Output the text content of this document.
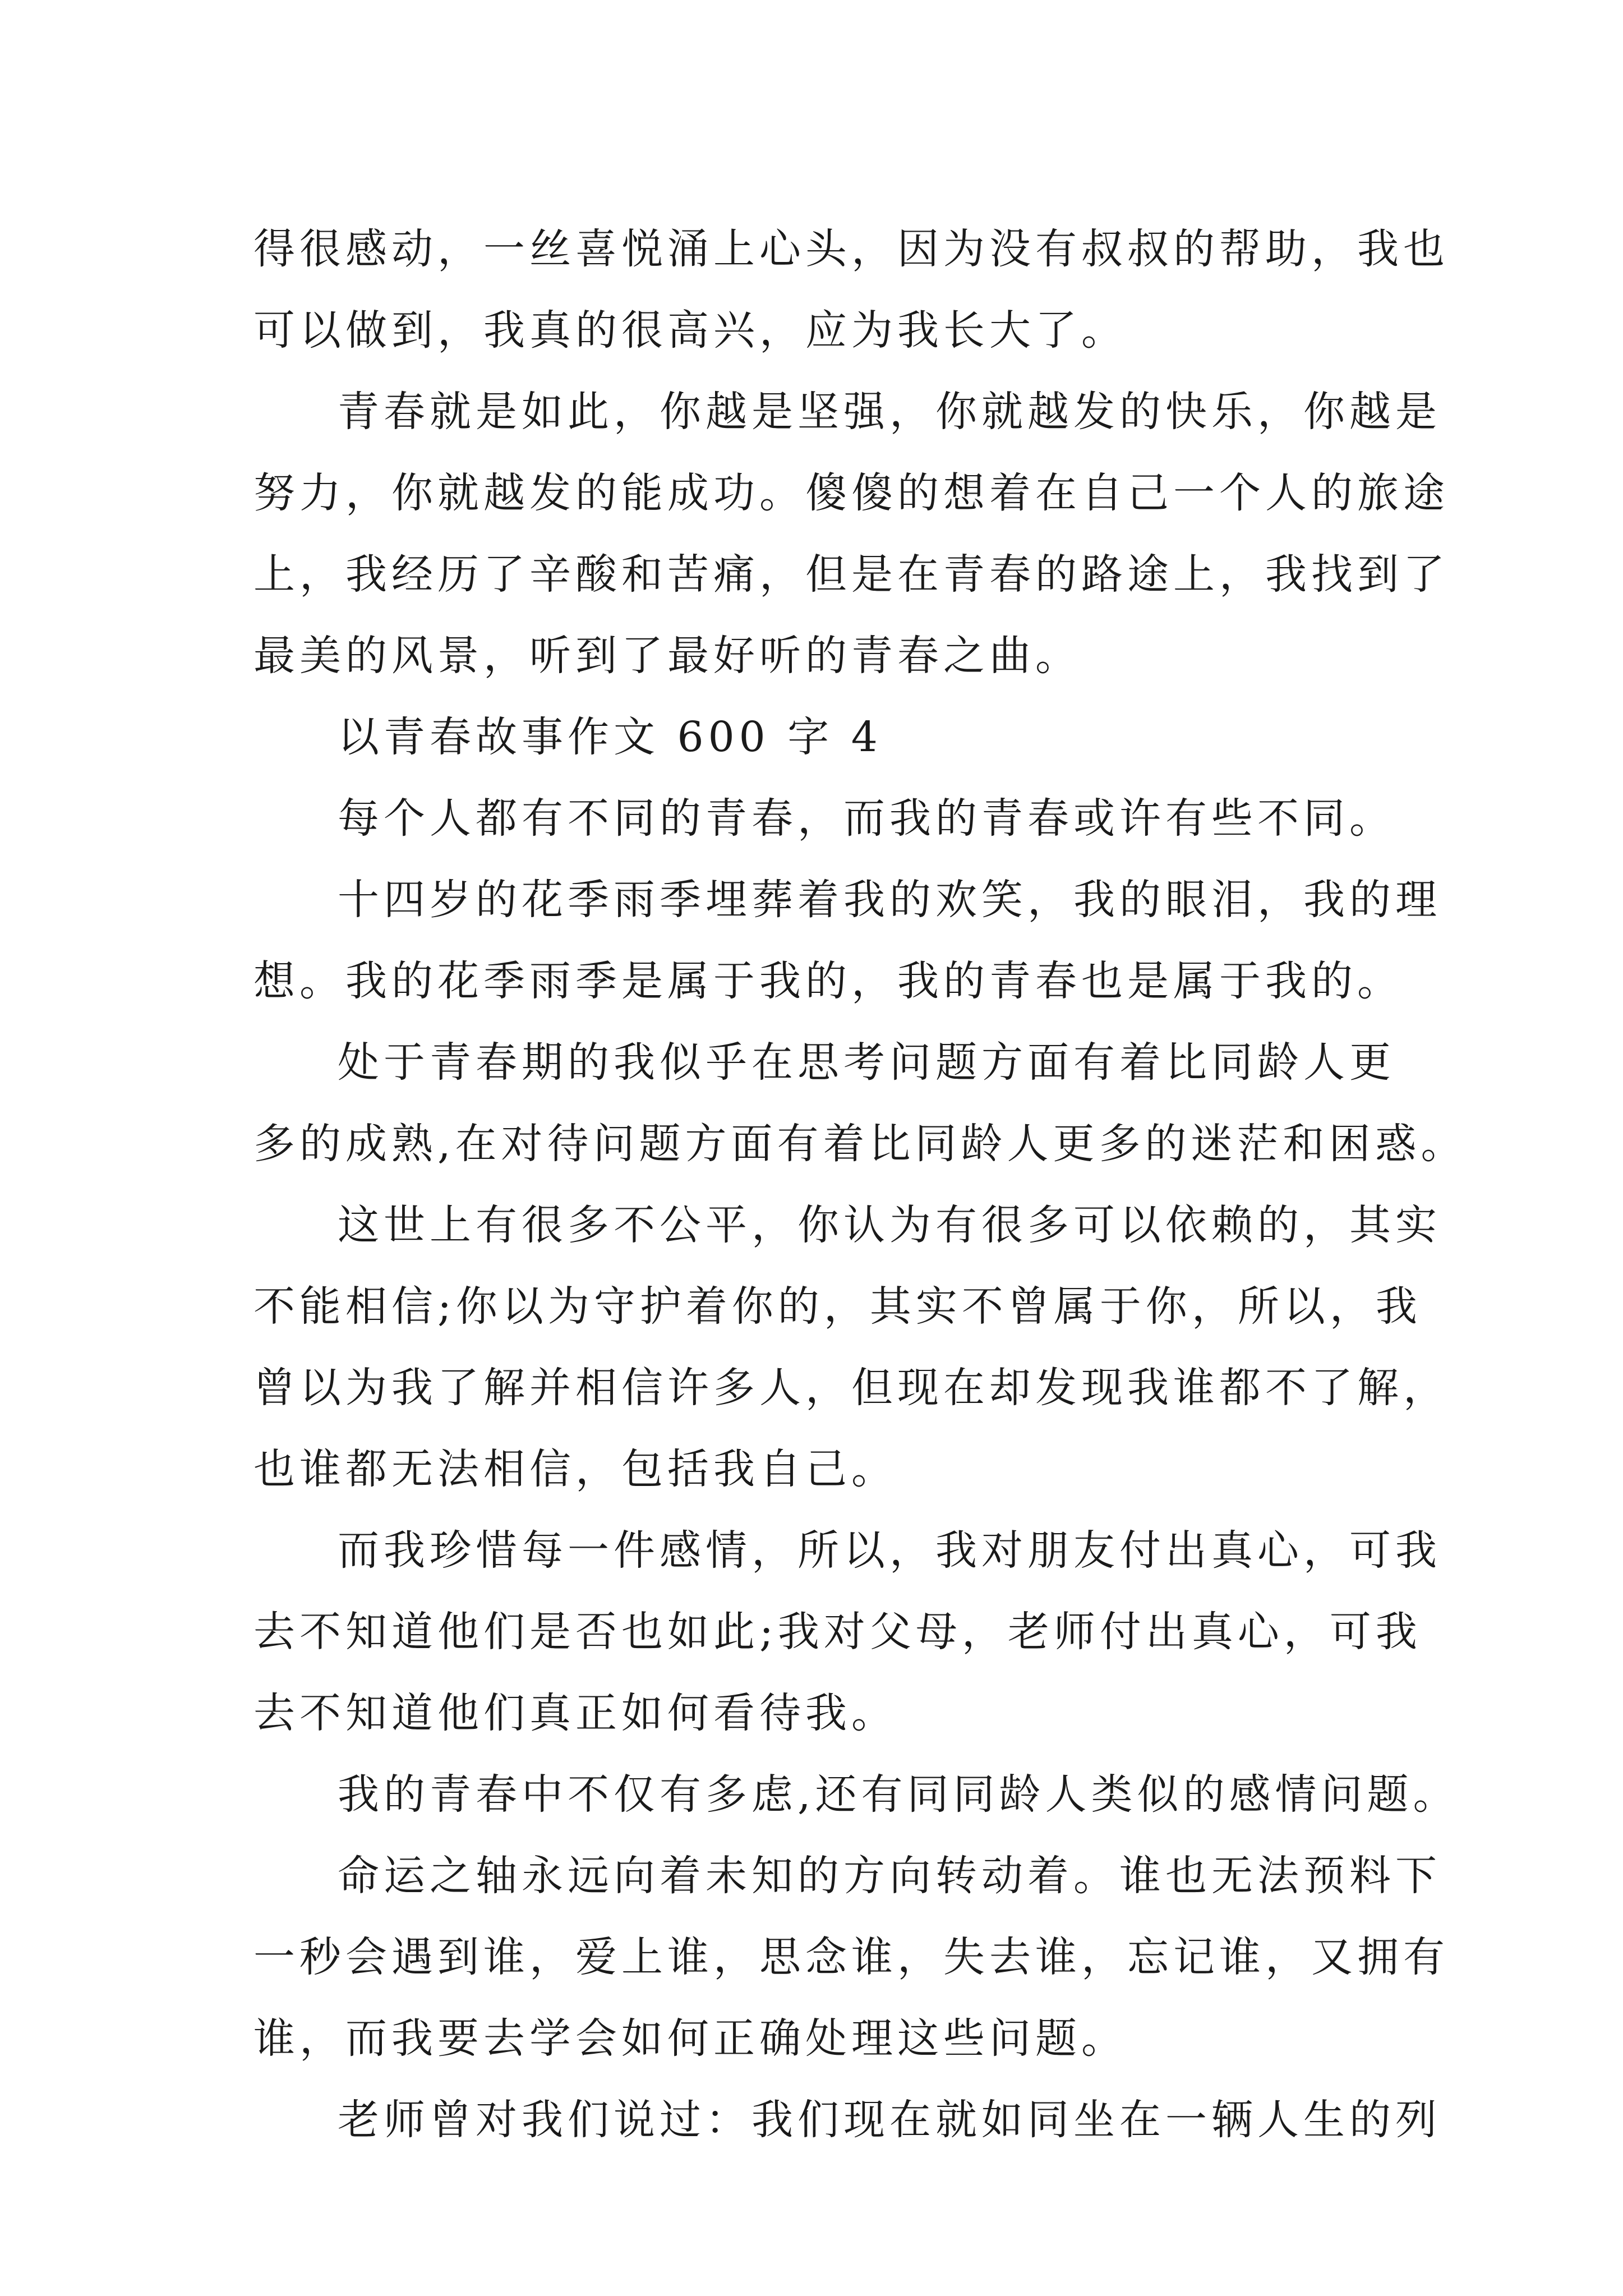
得很感动，一丝喜悦涌上心头，因为没有叔叔的帮助，我也
可以做到，我真的很高兴，应为我长大了。
青春就是如此，你越是坚强，你就越发的快乐，你越是
努力，你就越发的能成功。傻傻的想着在自己一个人的旅途
上，我经历了辛酸和苦痛，但是在青春的路途上，我找到了
最美的风景，听到了最好听的青春之曲。
以青春故事作文 600 字 4
每个人都有不同的青春，而我的青春或许有些不同。
十四岁的花季雨季埋葬着我的欢笑，我的眼泪，我的理
想。我的花季雨季是属于我的，我的青春也是属于我的。
处于青春期的我似乎在思考问题方面有着比同龄人更
多的成熟,在对待问题方面有着比同龄人更多的迷茫和困惑。
这世上有很多不公平，你认为有很多可以依赖的，其实
不能相信;你以为守护着你的，其实不曾属于你，所以，我
曾以为我了解并相信许多人，但现在却发现我谁都不了解，
也谁都无法相信，包括我自己。
而我珍惜每一件感情，所以，我对朋友付出真心，可我
去不知道他们是否也如此;我对父母，老师付出真心，可我
去不知道他们真正如何看待我。
我的青春中不仅有多虑,还有同同龄人类似的感情问题。
命运之轴永远向着未知的方向转动着。谁也无法预料下
一秒会遇到谁，爱上谁，思念谁，失去谁，忘记谁，又拥有
谁，而我要去学会如何正确处理这些问题。
老师曾对我们说过：我们现在就如同坐在一辆人生的列
